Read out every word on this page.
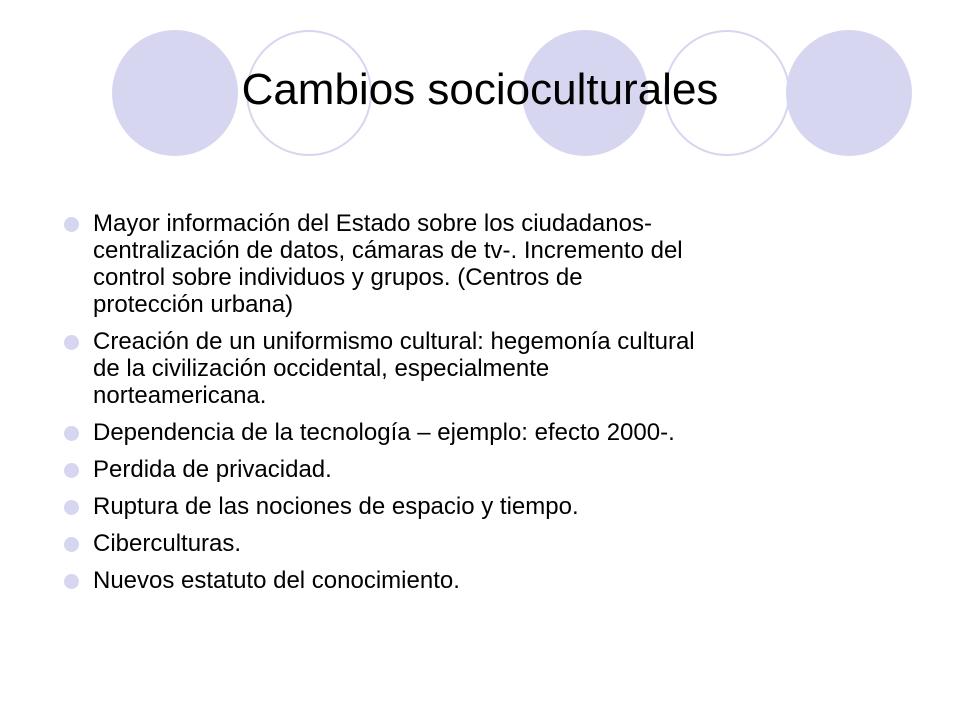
Cambios socioculturales
Mayor información del Estado sobre los ciudadanos-
centralización de datos, cámaras de tv-. Incremento del
control sobre individuos y grupos. (Centros de
protección urbana)
Creación de un uniformismo cultural: hegemonía cultural
de la civilización occidental, especialmente
norteamericana.
Dependencia de la tecnología – ejemplo: efecto 2000-.
Perdida de privacidad.
Ruptura de las nociones de espacio y tiempo.
Ciberculturas.
Nuevos estatuto del conocimiento.
